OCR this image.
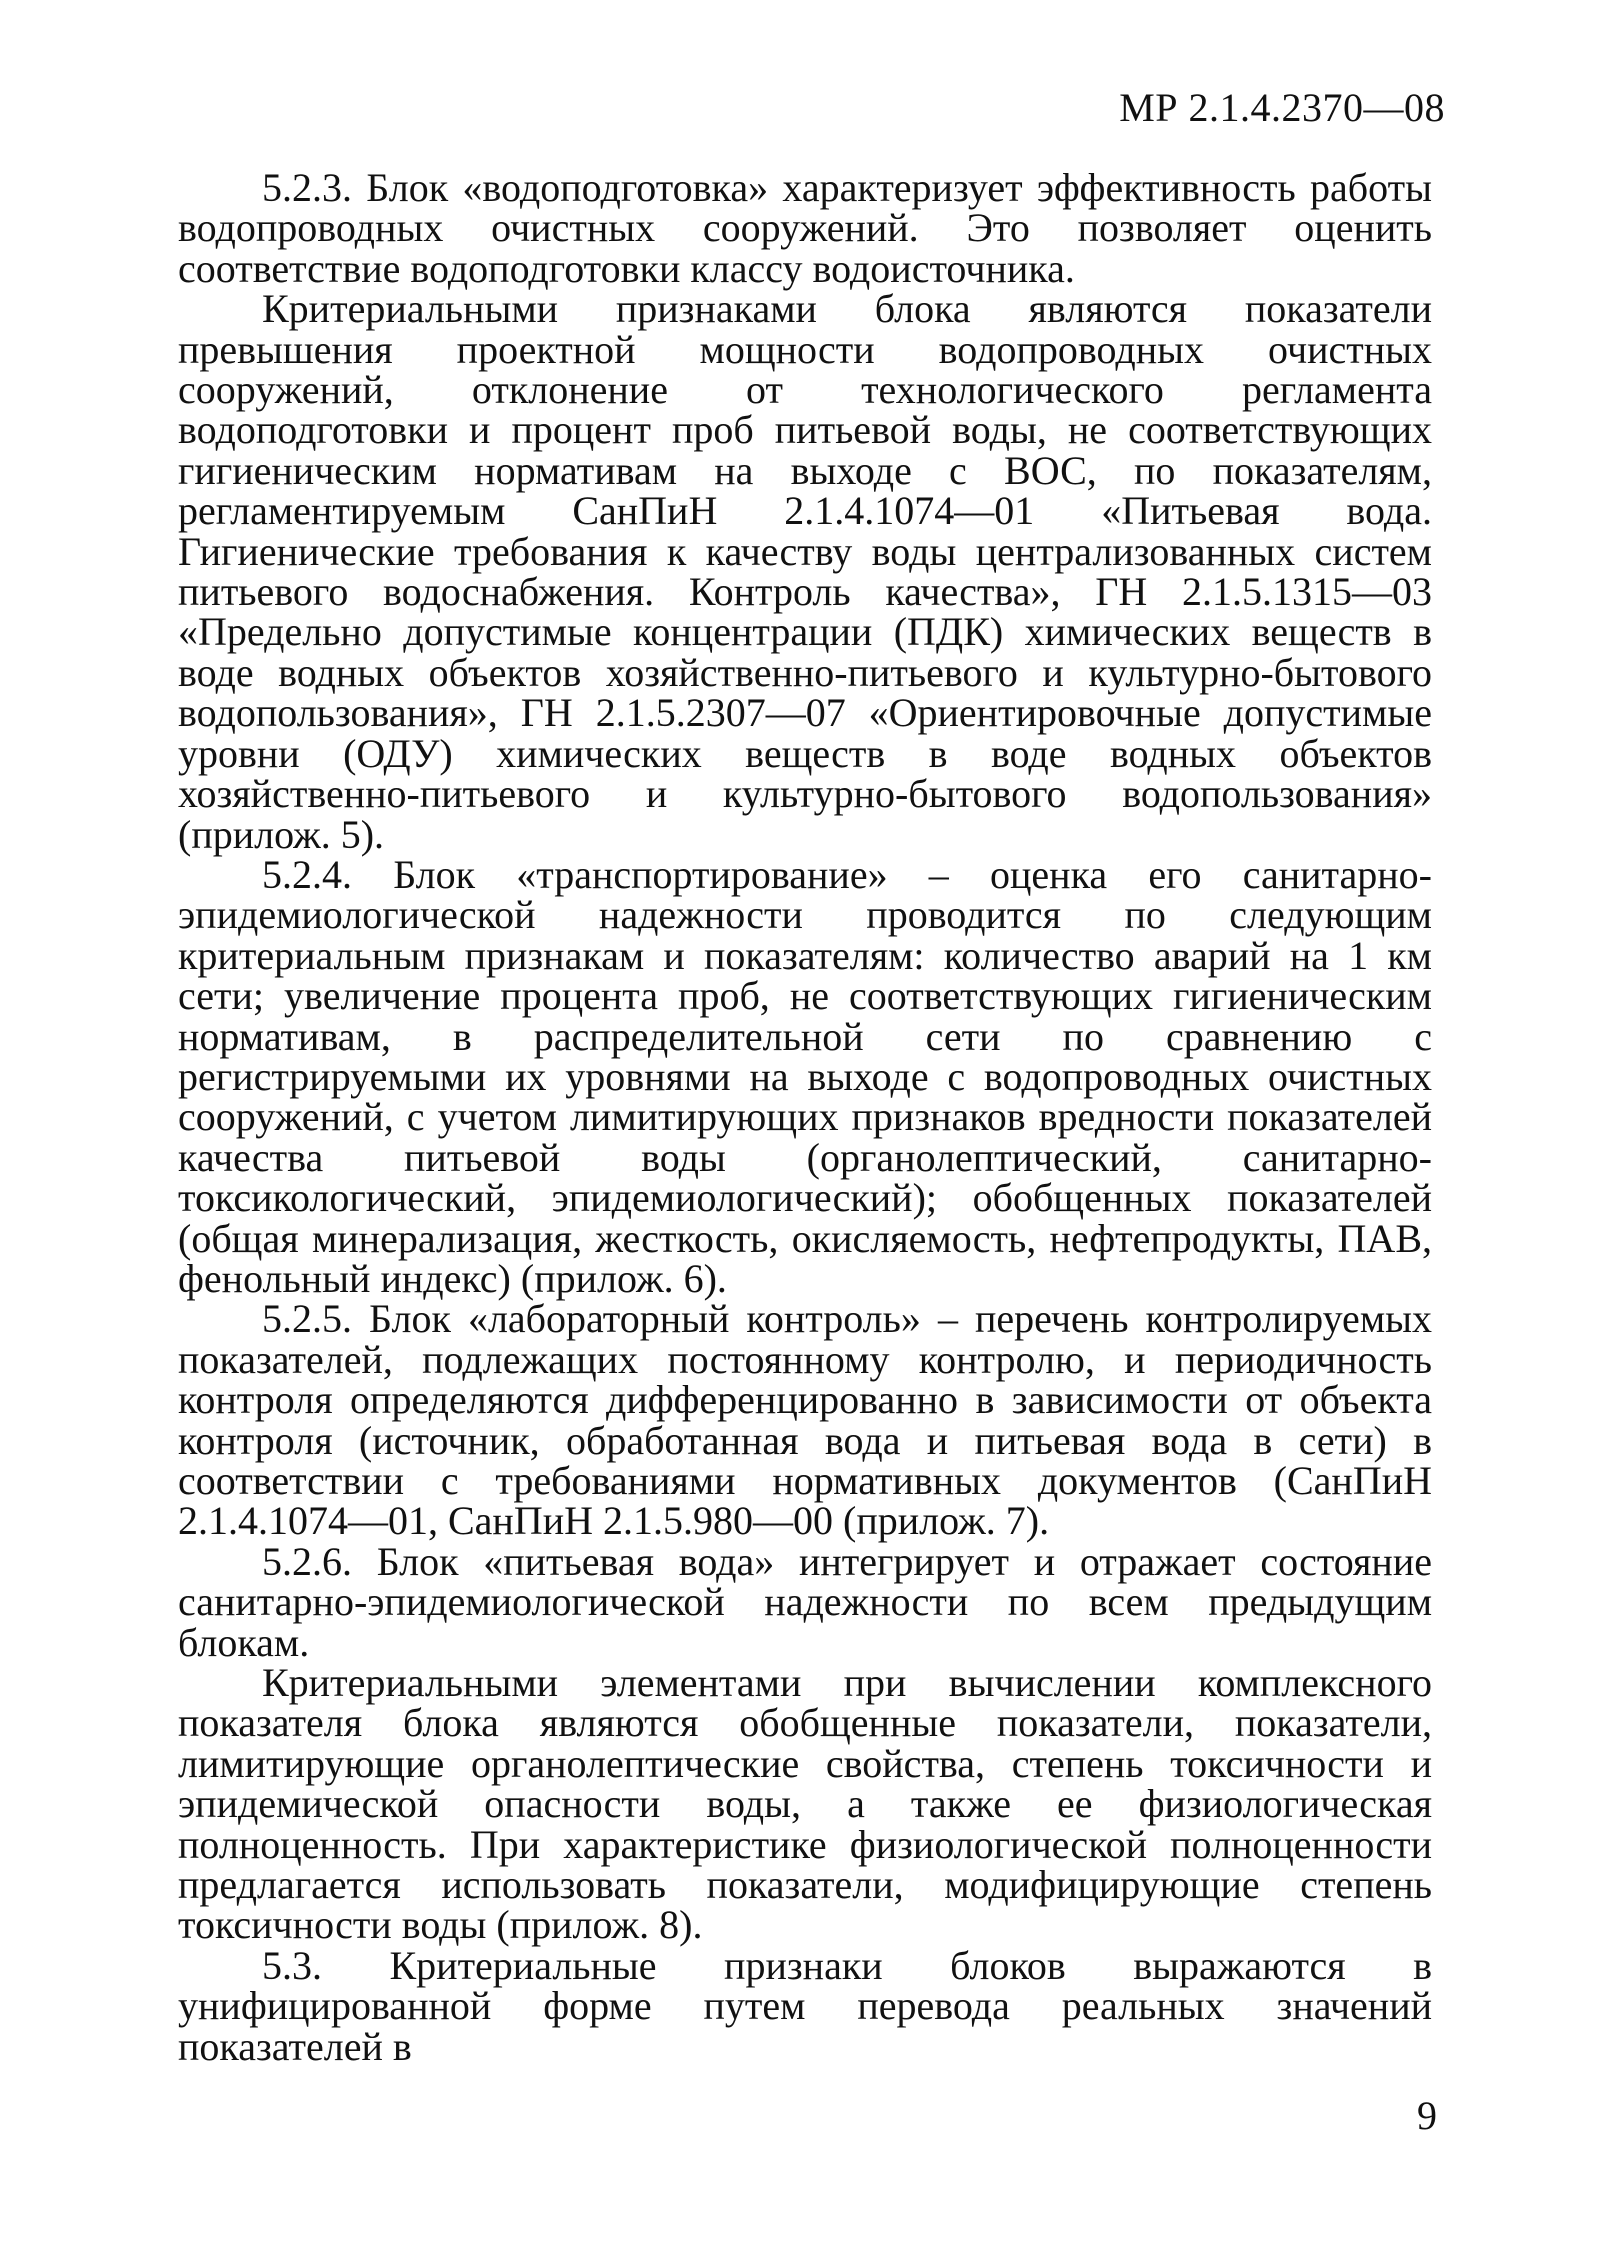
МР 2.1.4.2370—08

5.2.3. Блок «водоподготовка» характеризует эффективность работы водопроводных очистных сооружений. Это позволяет оценить соответствие водоподготовки классу водоисточника.

Критериальными признаками блока являются показатели превышения проектной мощности водопроводных очистных сооружений, отклонение от технологического регламента водоподготовки и процент проб питьевой воды, не соответствующих гигиеническим нормативам на выходе с ВОС, по показателям, регламентируемым СанПиН 2.1.4.1074—01 «Питьевая вода. Гигиенические требования к качеству воды централизованных систем питьевого водоснабжения. Контроль качества», ГН 2.1.5.1315—03 «Предельно допустимые концентрации (ПДК) химических веществ в воде водных объектов хозяйственно-питьевого и культурно-бытового водопользования», ГН 2.1.5.2307—07 «Ориентировочные допустимые уровни (ОДУ) химических веществ в воде водных объектов хозяйственно-питьевого и культурно-бытового водопользования» (прилож. 5).

5.2.4. Блок «транспортирование» – оценка его санитарно-эпидемиологической надежности проводится по следующим критериальным признакам и показателям: количество аварий на 1 км сети; увеличение процента проб, не соответствующих гигиеническим нормативам, в распределительной сети по сравнению с регистрируемыми их уровнями на выходе с водопроводных очистных сооружений, с учетом лимитирующих признаков вредности показателей качества питьевой воды (органолептический, санитарно-токсикологический, эпидемиологический); обобщенных показателей (общая минерализация, жесткость, окисляемость, нефтепродукты, ПАВ, фенольный индекс) (прилож. 6).

5.2.5. Блок «лабораторный контроль» – перечень контролируемых показателей, подлежащих постоянному контролю, и периодичность контроля определяются дифференцированно в зависимости от объекта контроля (источник, обработанная вода и питьевая вода в сети) в соответствии с требованиями нормативных документов (СанПиН 2.1.4.1074—01, СанПиН 2.1.5.980—00 (прилож. 7).

5.2.6. Блок «питьевая вода» интегрирует и отражает состояние санитарно-эпидемиологической надежности по всем предыдущим блокам.

Критериальными элементами при вычислении комплексного показателя блока являются обобщенные показатели, показатели, лимитирующие органолептические свойства, степень токсичности и эпидемической опасности воды, а также ее физиологическая полноценность. При характеристике физиологической полноценности предлагается использовать показатели, модифицирующие степень токсичности воды (прилож. 8).

5.3. Критериальные признаки блоков выражаются в унифицированной форме путем перевода реальных значений показателей в

9
